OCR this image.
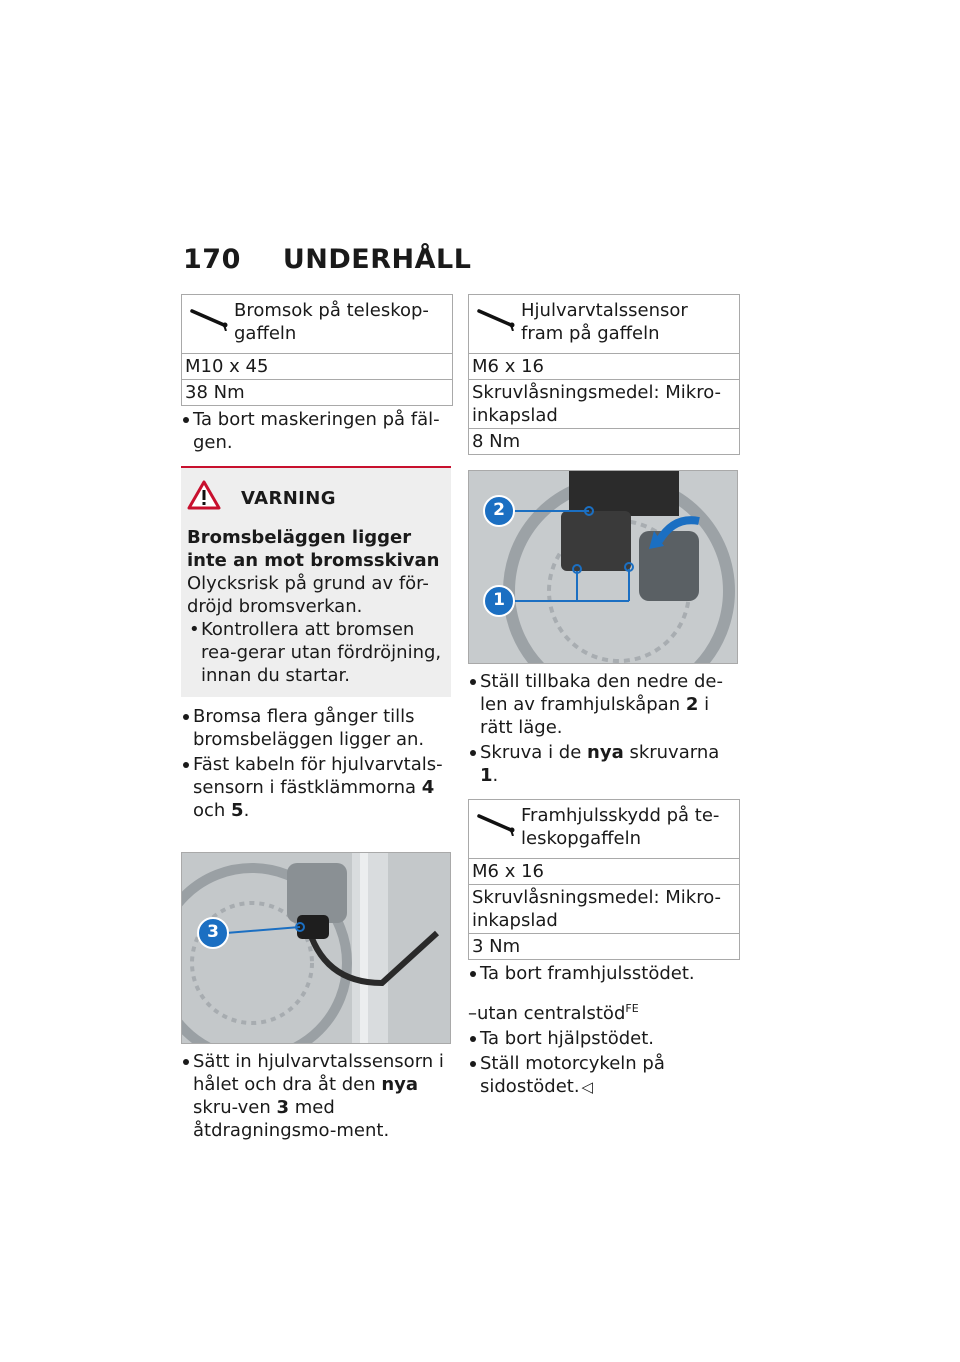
170 UNDERHÅLL
Bromsok på teleskop-gaffeln
M10 x 45
38 Nm
Ta bort maskeringen på fäl-gen.
VARNING
Bromsbeläggen ligger inte an mot bromsskivan
Olycksrisk på grund av för-dröjd bromsverkan.
• Kontrollera att bromsen rea-gerar utan fördröjning, innan du startar.
Bromsa flera gånger tills bromsbeläggen ligger an.
Fäst kabeln för hjulvarvtals-sensorn i fästklämmorna 4 och 5.
3
Sätt in hjulvarvtalssensorn i hålet och dra åt den nya skru-ven 3 med åtdragningsmo-ment.
Hjulvarvtalssensor fram på gaffeln
M6 x 16
Skruvlåsningsmedel: Mikro-inkapslad
8 Nm
2
1
Ställ tillbaka den nedre de-len av framhjulskåpan 2 i rätt läge.
Skruva i de nya skruvarna 1.
Framhjulsskydd på te-leskopgaffeln
M6 x 16
Skruvlåsningsmedel: Mikro-inkapslad
3 Nm
Ta bort framhjulsstödet.
–utan centralstöd$^{FE}$
Ta bort hjälpstödet.
Ställ motorcykeln på sidostödet. ◁
